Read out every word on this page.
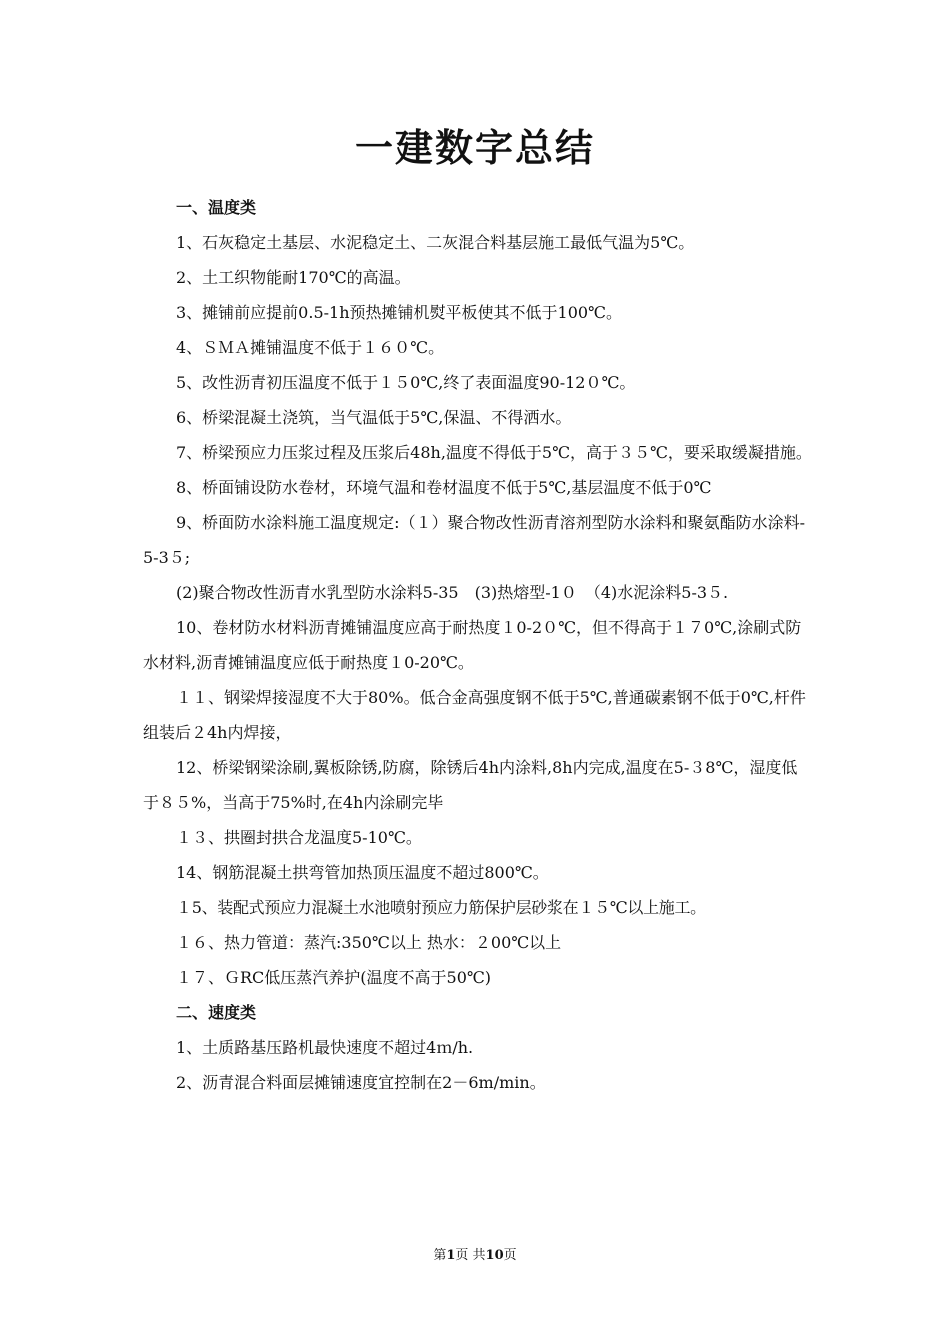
一建数字总结

一、温度类

1、石灰稳定土基层、水泥稳定土、二灰混合料基层施工最低气温为5℃。

2、土工织物能耐170℃的高温。

3、摊铺前应提前0.5-1h预热摊铺机熨平板使其不低于100℃。

4、ＳＭＡ摊铺温度不低于１６０℃。

5、改性沥青初压温度不低于１５0℃,终了表面温度90-12０℃。

6、桥梁混凝土浇筑，当气温低于5℃,保温、不得洒水。

7、桥梁预应力压浆过程及压浆后48h,温度不得低于5℃，高于３５℃，要采取缓凝措施。

8、桥面铺设防水卷材，环境气温和卷材温度不低于5℃,基层温度不低于0℃

9、桥面防水涂料施工温度规定:（１）聚合物改性沥青溶剂型防水涂料和聚氨酯防水涂料-5-3５;

(2)聚合物改性沥青水乳型防水涂料5-35　(3)热熔型-1０　（4)水泥涂料5-3５.

10、卷材防水材料沥青摊铺温度应高于耐热度１0-2０℃，但不得高于１７0℃,涂刷式防水材料,沥青摊铺温度应低于耐热度１0-20℃。

１１、钢梁焊接湿度不大于80%。低合金高强度钢不低于5℃,普通碳素钢不低于0℃,杆件组装后２4h内焊接，

12、桥梁钢梁涂刷,翼板除锈,防腐，除锈后4h内涂料,8h内完成,温度在5-３8℃，湿度低于８５%，当高于75%时,在4h内涂刷完毕

１３、拱圈封拱合龙温度5-10℃。

14、钢筋混凝土拱弯管加热顶压温度不超过800℃。

１5、装配式预应力混凝土水池喷射预应力筋保护层砂浆在１５℃以上施工。

１６、热力管道：蒸汽:350℃以上 热水：２00℃以上

１７、ＧRC低压蒸汽养护(温度不高于50℃)

二、速度类

1、土质路基压路机最快速度不超过4ｍ/h.

2、沥青混合料面层摊铺速度宜控制在2－6m/min。

第1页 共10页
